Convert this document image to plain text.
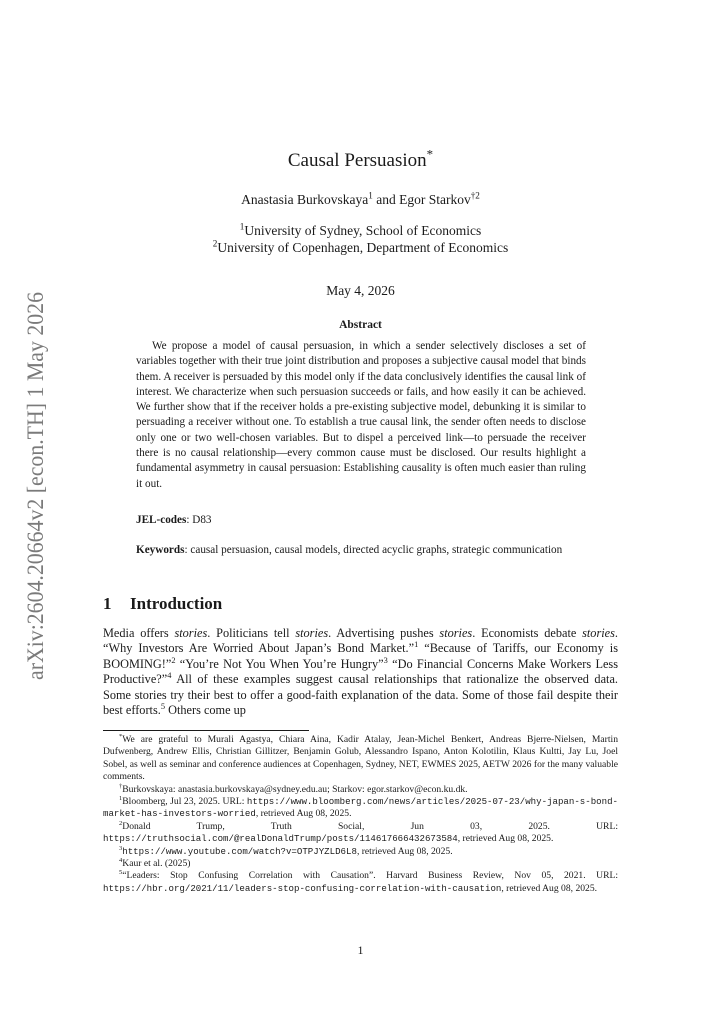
arXiv:2604.20664v2 [econ.TH] 1 May 2026
Causal Persuasion*
Anastasia Burkovskaya$^1$ and Egor Starkov$^{\dagger 2}$
$^1$University of Sydney, School of Economics
$^2$University of Copenhagen, Department of Economics
May 4, 2026
Abstract
We propose a model of causal persuasion, in which a sender selectively discloses a set of variables together with their true joint distribution and proposes a subjective causal model that binds them. A receiver is persuaded by this model only if the data conclusively identifies the causal link of interest. We characterize when such persuasion succeeds or fails, and how easily it can be achieved. We further show that if the receiver holds a pre-existing subjective model, debunking it is similar to persuading a receiver without one. To establish a true causal link, the sender often needs to disclose only one or two well-chosen variables. But to dispel a perceived link—to persuade the receiver there is no causal relationship—every common cause must be disclosed. Our results highlight a fundamental asymmetry in causal persuasion: Establishing causality is often much easier than ruling it out.
JEL-codes: D83
Keywords: causal persuasion, causal models, directed acyclic graphs, strategic communication
1 Introduction
Media offers stories. Politicians tell stories. Advertising pushes stories. Economists debate stories. “Why Investors Are Worried About Japan’s Bond Market.”$^1$ “Because of Tariffs, our Economy is BOOMING!”$^2$ “You’re Not You When You’re Hungry”$^3$ “Do Financial Concerns Make Workers Less Productive?”$^4$ All of these examples suggest causal relationships that rationalize the observed data. Some stories try their best to offer a good-faith explanation of the data. Some of those fail despite their best efforts.$^5$ Others come up

*We are grateful to Murali Agastya, Chiara Aina, Kadir Atalay, Jean-Michel Benkert, Andreas Bjerre-Nielsen, Martin Dufwenberg, Andrew Ellis, Christian Gillitzer, Benjamin Golub, Alessandro Ispano, Anton Kolotilin, Klaus Kultti, Jay Lu, Joel Sobel, as well as seminar and conference audiences at Copenhagen, Sydney, NET, EWMES 2025, AETW 2026 for the many valuable comments.

†Burkovskaya: anastasia.burkovskaya@sydney.edu.au; Starkov: egor.starkov@econ.ku.dk.

$^1$Bloomberg, Jul 23, 2025. URL: https://www.bloomberg.com/news/articles/2025-07-23/why-japan-s-bond-market-has-investors-worried, retrieved Aug 08, 2025.

$^2$Donald Trump, Truth Social, Jun 03, 2025. URL: https://truthsocial.com/@realDonaldTrump/posts/114617666432673584, retrieved Aug 08, 2025.

$^3$https://www.youtube.com/watch?v=OTPJYZLD6L8, retrieved Aug 08, 2025.

$^4$Kaur et al. (2025)

$^5$“Leaders: Stop Confusing Correlation with Causation”. Harvard Business Review, Nov 05, 2021. URL: https://hbr.org/2021/11/leaders-stop-confusing-correlation-with-causation, retrieved Aug 08, 2025.

1
